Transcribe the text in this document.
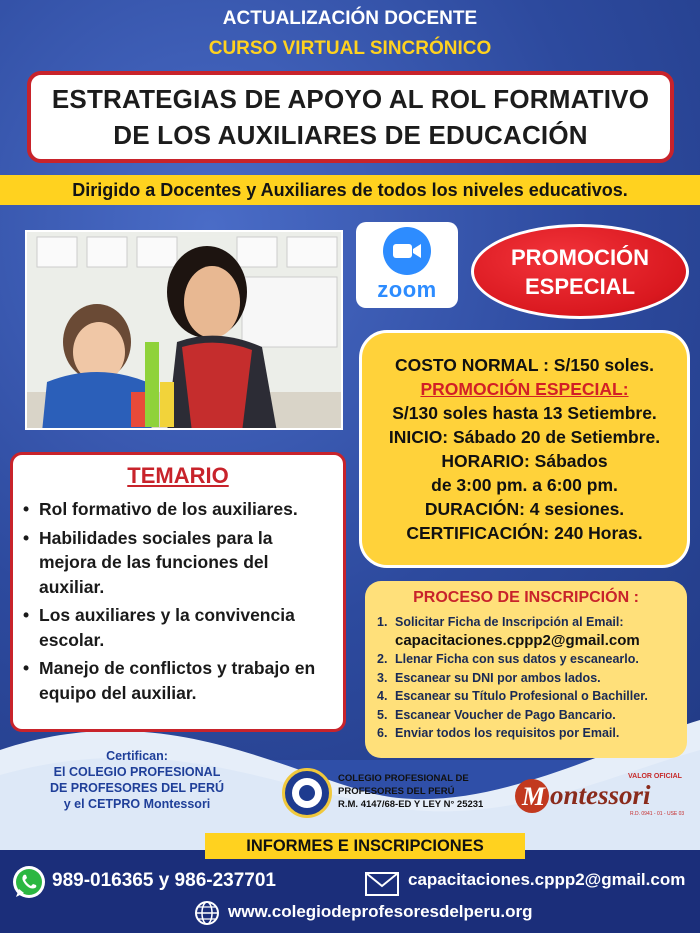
ACTUALIZACIÓN DOCENTE
CURSO VIRTUAL SINCRÓNICO
ESTRATEGIAS DE APOYO AL ROL FORMATIVO
DE LOS AUXILIARES DE EDUCACIÓN
Dirigido a Docentes y Auxiliares de todos los niveles educativos.
zoom
PROMOCIÓN
ESPECIAL
COSTO NORMAL : S/150 soles.
PROMOCIÓN ESPECIAL:
S/130 soles hasta 13 Setiembre.
INICIO: Sábado 20 de Setiembre.
HORARIO: Sábados
de 3:00 pm. a 6:00 pm.
DURACIÓN: 4 sesiones.
CERTIFICACIÓN: 240 Horas.
TEMARIO
• Rol formativo de los auxiliares.
• Habilidades sociales para la mejora de las funciones del auxiliar.
• Los auxiliares y la convivencia escolar.
• Manejo de conflictos y trabajo en equipo del auxiliar.
PROCESO DE INSCRIPCIÓN :
1. Solicitar Ficha de Inscripción al Email:
capacitaciones.cppp2@gmail.com
2. Llenar Ficha con sus datos y escanearlo.
3. Escanear su DNI por ambos lados.
4. Escanear su Título Profesional o Bachiller.
5. Escanear Voucher de Pago Bancario.
6. Enviar todos los requisitos por Email.
Certifican:
El COLEGIO PROFESIONAL
DE PROFESORES DEL PERÚ
y el CETPRO Montessori
COLEGIO PROFESIONAL DE
PROFESORES DEL PERÚ
R.M. 4147/68-ED Y LEY N° 25231
VALOR OFICIAL
M ontessori
R.D. 0941 - 01 - USE 03
INFORMES E INSCRIPCIONES
989-016365 y 986-237701	capacitaciones.cppp2@gmail.com
www.colegiodeprofesoresdelperu.org
